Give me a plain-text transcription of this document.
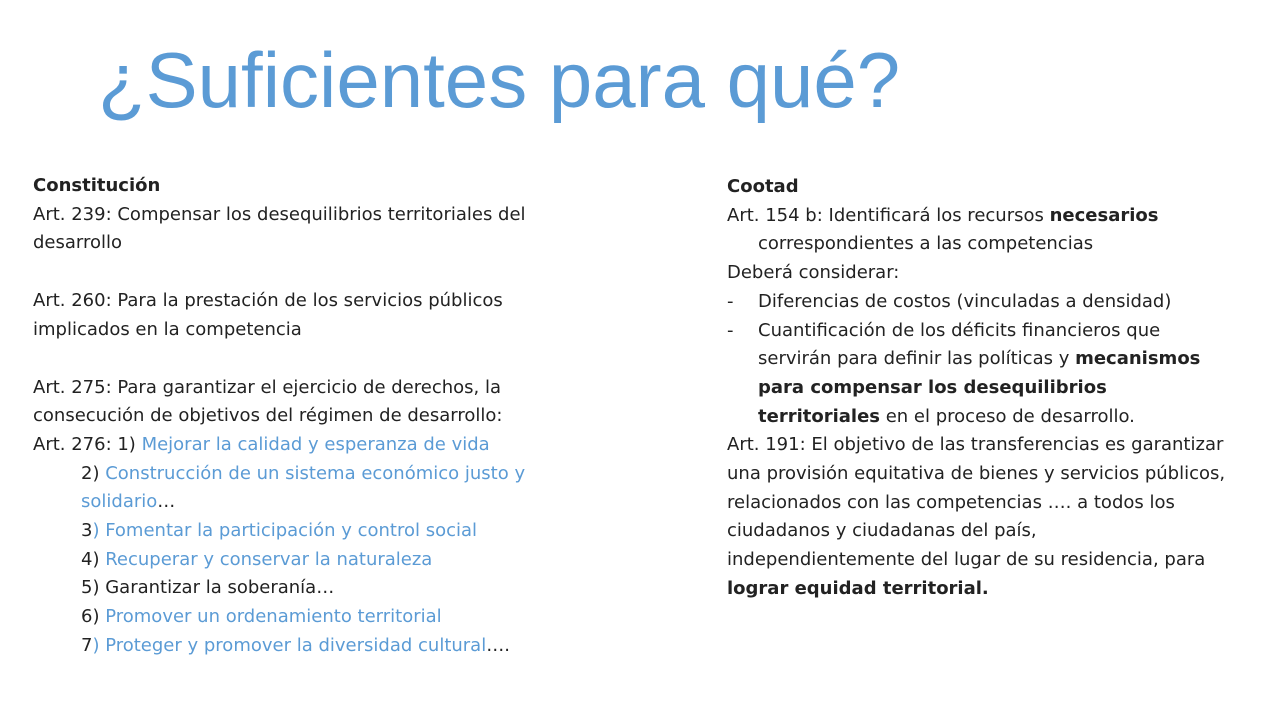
¿Suficientes para qué?

Constitución

Art. 239: Compensar los desequilibrios territoriales del desarrollo

Art. 260: Para la prestación de los servicios públicos implicados en la competencia

Art. 275: Para garantizar el ejercicio de derechos, la consecución de objetivos del régimen de desarrollo:

Art. 276: 1) Mejorar la calidad y esperanza de vida

2) Construcción de un sistema económico justo y solidario…

3) Fomentar la participación y control social

4) Recuperar y conservar la naturaleza

5) Garantizar la soberanía…

6) Promover un ordenamiento territorial

7) Proteger y promover la diversidad cultural….

Cootad

Art. 154 b: Identificará los recursos necesarios correspondientes a las competencias

Deberá considerar:

- Diferencias de costos (vinculadas a densidad)
- Cuantificación de los déficits financieros que servirán para definir las políticas y mecanismos para compensar los desequilibrios territoriales en el proceso de desarrollo.

Art. 191: El objetivo de las transferencias es garantizar una provisión equitativa de bienes y servicios públicos, relacionados con las competencias …. a todos los ciudadanos y ciudadanas del país, independientemente del lugar de su residencia, para lograr equidad territorial.
